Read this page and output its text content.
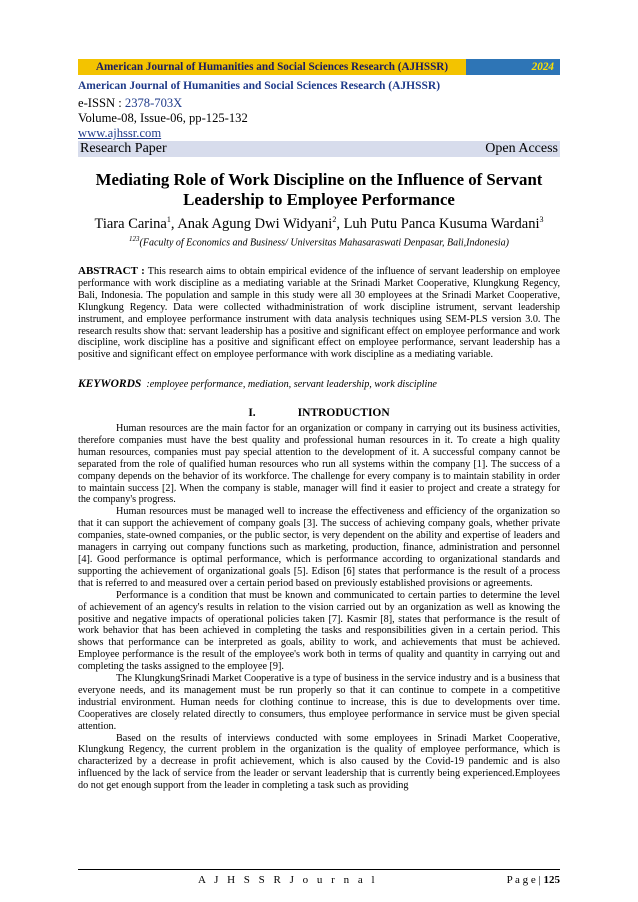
American Journal of Humanities and Social Sciences Research (AJHSSR)	2024
American Journal of Humanities and Social Sciences Research (AJHSSR)
e-ISSN : 2378-703X
Volume-08, Issue-06, pp-125-132
www.ajhssr.com
Research Paper	Open Access
Mediating Role of Work Discipline on the Influence of Servant
Leadership to Employee Performance
Tiara Carina$^1$, Anak Agung Dwi Widyani$^2$, Luh Putu Panca Kusuma Wardani$^3$
$^{123}$(Faculty of Economics and Business/ Universitas Mahasaraswati Denpasar, Bali,Indonesia)
ABSTRACT : This research aims to obtain empirical evidence of the influence of servant leadership on employee performance with work discipline as a mediating variable at the Srinadi Market Cooperative, Klungkung Regency, Bali, Indonesia. The population and sample in this study were all 30 employees at the Srinadi Market Cooperative, Klungkung Regency. Data were collected withadministration of work discipline istrument, servant leadership instrument, and employee performance instrument with data analysis techniques using SEM-PLS version 3.0. The research results show that: servant leadership has a positive and significant effect on employee performance and work discipline, work discipline has a positive and significant effect on employee performance, servant leadership has a positive and significant effect on employee performance with work discipline as a mediating variable.
KEYWORDS :employee performance, mediation, servant leadership, work discipline
I.	INTRODUCTION

Human resources are the main factor for an organization or company in carrying out its business activities, therefore companies must have the best quality and professional human resources in it. To create a high quality human resources, companies must pay special attention to the development of it. A successful company cannot be separated from the role of qualified human resources who run all systems within the company [1]. The success of a company depends on the behavior of its workforce. The challenge for every company is to maintain stability in order to maintain success [2]. When the company is stable, manager will find it easier to project and create a strategy for the company's progress.

Human resources must be managed well to increase the effectiveness and efficiency of the organization so that it can support the achievement of company goals [3]. The success of achieving company goals, whether private companies, state-owned companies, or the public sector, is very dependent on the ability and expertise of leaders and managers in carrying out company functions such as marketing, production, finance, administration and personnel [4]. Good performance is optimal performance, which is performance according to organizational standards and supporting the achievement of organizational goals [5]. Edison [6] states that performance is the result of a process that is referred to and measured over a certain period based on previously established provisions or agreements.

Performance is a condition that must be known and communicated to certain parties to determine the level of achievement of an agency's results in relation to the vision carried out by an organization as well as knowing the positive and negative impacts of operational policies taken [7]. Kasmir [8], states that performance is the result of work behavior that has been achieved in completing the tasks and responsibilities given in a certain period. This shows that performance can be interpreted as goals, ability to work, and achievements that must be achieved. Employee performance is the result of the employee's work both in terms of quality and quantity in carrying out and completing the tasks assigned to the employee [9].

The KlungkungSrinadi Market Cooperative is a type of business in the service industry and is a business that everyone needs, and its management must be run properly so that it can continue to compete in a competitive industrial environment. Human needs for clothing continue to increase, this is due to developments over time. Cooperatives are closely related directly to consumers, thus employee performance in service must be given special attention.

Based on the results of interviews conducted with some employees in Srinadi Market Cooperative, Klungkung Regency, the current problem in the organization is the quality of employee performance, which is characterized by a decrease in profit achievement, which is also caused by the Covid-19 pandemic and is also influenced by the lack of service from the leader or servant leadership that is currently being experienced.Employees do not get enough support from the leader in completing a task such as providing

A J H S S R J o u r n a l	P a g e | 125
